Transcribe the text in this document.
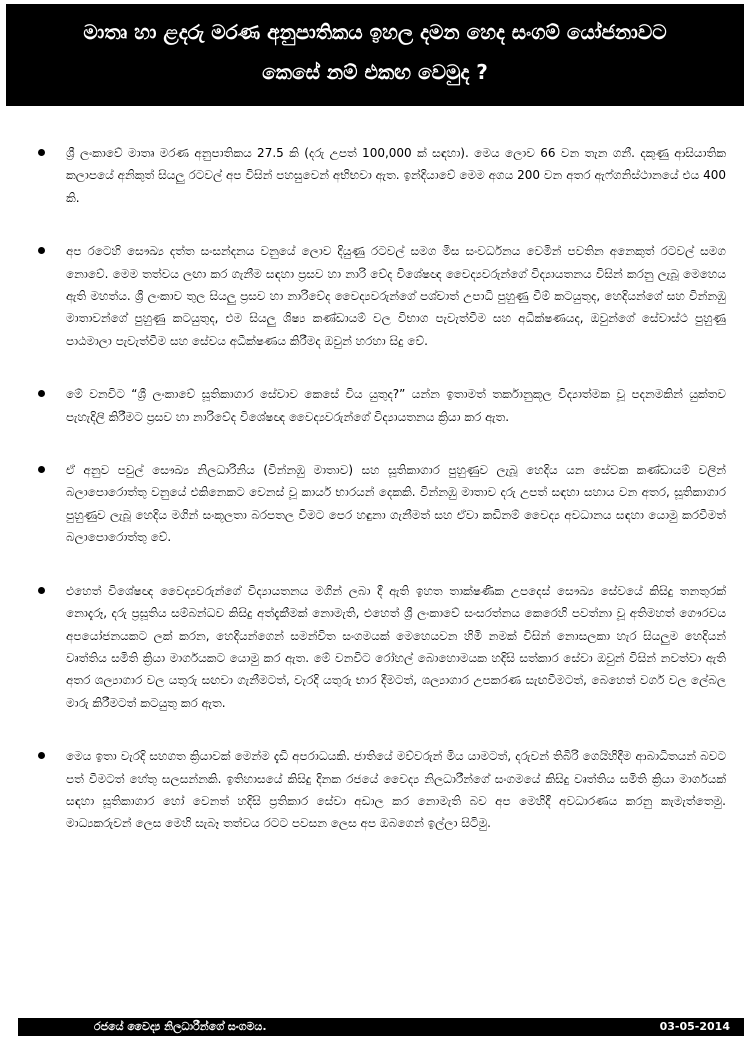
මාතෘ හා ළදරු මරණ අනුපාතිකය ඉහල දමන හෙද සංගම් යෝජනාවට
කෙසේ නම් එකඟ වෙමුද ?
ශ්‍රී ලංකාවේ මාතෘ මරණ අනුපාතිකය 27.5 කි (දරු උපත් 100,000 ක් සඳහා). මෙය ලොව 66 වන තැන ගනී. දකුණු ආසියාතික කලාපයේ අනිකුත් සියලු රටවල් අප විසින් පහසුවෙන් අභිභවා ඇත. ඉන්දියාවේ මෙම අගය 200 වන අතර ඇෆ්ගනිස්ථානයේ එය 400 කි.
අප රටෙහි සෞඛ්‍ය දත්ත සංසන්දනය වනුයේ ලොව දියුණු රටවල් සමග මිස සංවර්ධනය වෙමින් පවතින අනෙකුත් රටවල් සමග නොවේ. මෙම තත්වය ලඟා කර ගැනීම සඳහා ප්‍රසව හා නාරි වේද විශේෂඥ වෛද්‍යවරුන්ගේ විද්‍යායතනය විසින් කරනු ලැබූ මෙහෙය ඇති මහත්ය. ශ්‍රී ලංකාව තුල සියලු ප්‍රසව හා නාරිවේද වෛද්‍යවරුන්ගේ පශ්චාත් උපාධි පුහුණු වීම් කටයුතුද, හෙදියන්ගේ සහ වින්නඹු මාතාවන්ගේ පුහුණු කටයුතුද, එම සියලු ශිෂ්‍ය කණ්ඩායම් වල විභාග පැවැත්වීම සහ අධීක්ෂණයද, ඔවුන්ගේ සේවාස්ථ පුහුණු පාඨමාලා පැවැත්වීම සහ සේවය අධීක්ෂණය කිරීමද ඔවුන් හරහා සිදු වේ.
මේ වනවිට “ශ්‍රී ලංකාවේ සූතිකාගාර සේවාව කෙසේ විය යුතුද?” යන්න ඉතාමත් තර්කානුකූල විද්‍යාත්මක වූ පදනමකින් යුක්තව පැහැදිලි කිරීමට ප්‍රසව හා නාරිවේද විශේෂඥ වෛද්‍යවරුන්ගේ විද්‍යායතනය ක්‍රියා කර ඇත.
ඒ අනුව පවුල් සෞඛ්‍ය නිලධාරිනිය (වින්නඹු මාතාව) සහ සූතිකාගාර පුහුණුව ලැබූ හෙදිය යන සේවක කණ්ඩායම් වලින් බලාපොරොත්තු වනුයේ එකිනෙකට වෙනස් වූ කාර්ය භාරයන් දෙකකි. වින්නඹු මාතාව දරු උපත් සඳහා සහාය වන අතර, සූතිකාගාර පුහුණුව ලැබූ හෙදිය මගින් සංකූලතා බරපතල වීමට පෙර හඳුනා ගැනීමත් සහ ඒවා කඩිනම් වෛද්‍ය අවධානය සඳහා යොමු කරවීමත් බලාපොරොත්තු වේ.
එහෙත් විශේෂඥ වෛද්‍යවරුන්ගේ විද්‍යායතනය මගින් ලබා දී ඇති ඉහත තාක්ෂණික උපදෙස් සෞඛ්‍ය සේවයේ කිසිදු තනතුරක් නොදැරූ, දරු ප්‍රසූතිය සම්බන්ධව කිසිදු අත්දැකීමක් නොමැති, එහෙත් ශ්‍රී ලංකාවේ සංසරත්නය කෙරෙහි පවත්නා වූ අතිමහත් ගෞරවය අපයෝජනයකට ලක් කරන, හෙදියන්ගෙන් සමන්විත සංගමයක් මෙහෙයවන හිමි නමක් විසින් නොසලකා හැර සියලුම හෙදියන් වෘත්තිය සමිති ක්‍රියා මාර්ගයකට යොමු කර ඇත. මේ වනවිට රෝහල් බොහොමයක හදිසි සත්කාර සේවා ඔවුන් විසින් නවත්වා ඇති අතර ශල්‍යාගාර වල යතුරු සඟවා ගැනීමටත්, වැරදි යතුරු භාර දීමටත්, ශල්‍යාගාර උපකරණ සැඟවීමටත්, බෙහෙත් වර්ග වල ලේබල මාරු කිරීමටත් කටයුතු කර ඇත.
මෙය ඉතා වැරදි සහගත ක්‍රියාවක් මෙන්ම දැඩි අපරාධයකි. ජාතියේ මව්වරුන් මිය යාමටත්, දරුවන් තිබිරි ගෙයිහිදීම ආබාධිතයන් බවට පත් වීමටත් හේතු සලසන්නකි. ඉතිහාසයේ කිසිදු දිනක රජයේ වෛද්‍ය නිලධාරීන්ගේ සංගමයේ කිසිදු වෘත්තිය සමිති ක්‍රියා මාර්ගයක් සඳහා සූතිකාගාර හෝ වෙනත් හදිසි ප්‍රතිකාර සේවා අඩාල කර නොමැති බව අප මෙහිදී අවධාරණය කරනු කැමැත්තෙමු. මාධ්‍යකරුවන් ලෙස මෙහි සැබෑ තත්වය රටට පවසන ලෙස අප ඔබගෙන් ඉල්ලා සිටිමු.
රජයේ වෛද්‍ය නිලධාරීන්ගේ සංගමය.	03-05-2014
